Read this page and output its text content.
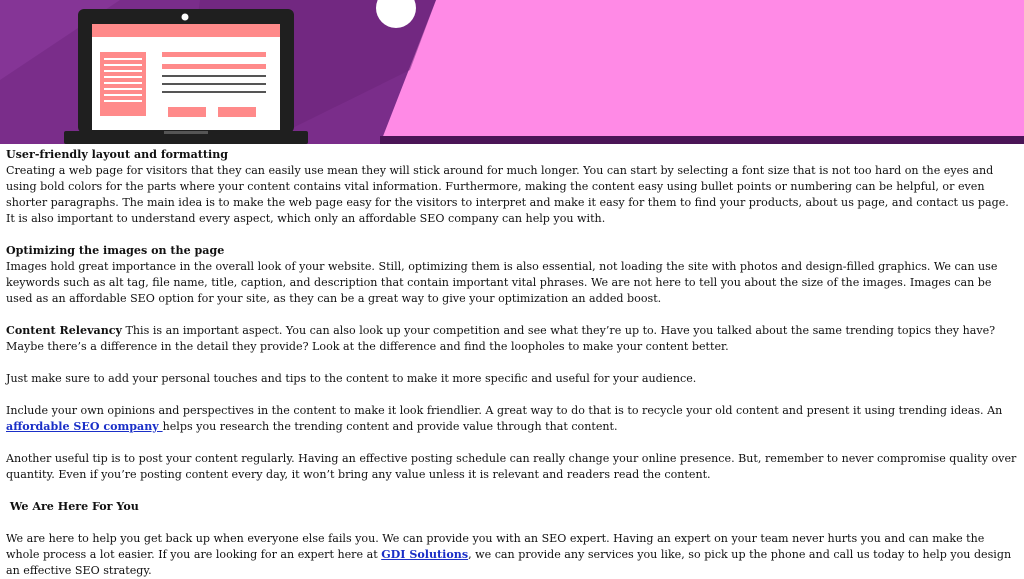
User-friendly layout and formatting

Creating a web page for visitors that they can easily use mean they will stick around for much longer. You can start by selecting a font size that is not too hard on the eyes and using bold colors for the parts where your content contains vital information. Furthermore, making the content easy using bullet points or numbering can be helpful, or even shorter paragraphs. The main idea is to make the web page easy for the visitors to interpret and make it easy for them to find your products, about us page, and contact us page. It is also important to understand every aspect, which only an affordable SEO company can help you with.

Optimizing the images on the page

Images hold great importance in the overall look of your website. Still, optimizing them is also essential, not loading the site with photos and design-filled graphics. We can use keywords such as alt tag, file name, title, caption, and description that contain important vital phrases. We are not here to tell you about the size of the images. Images can be used as an affordable SEO option for your site, as they can be a great way to give your optimization an added boost.

Content Relevancy This is an important aspect. You can also look up your competition and see what they’re up to. Have you talked about the same trending topics they have? Maybe there’s a difference in the detail they provide? Look at the difference and find the loopholes to make your content better.

Just make sure to add your personal touches and tips to the content to make it more specific and useful for your audience.

Include your own opinions and perspectives in the content to make it look friendlier. A great way to do that is to recycle your old content and present it using trending ideas. An affordable SEO company helps you research the trending content and provide value through that content.

Another useful tip is to post your content regularly. Having an effective posting schedule can really change your online presence. But, remember to never compromise quality over quantity. Even if you’re posting content every day, it won’t bring any value unless it is relevant and readers read the content.

We Are Here For You

We are here to help you get back up when everyone else fails you. We can provide you with an SEO expert. Having an expert on your team never hurts you and can make the whole process a lot easier. If you are looking for an expert here at GDI Solutions, we can provide any services you like, so pick up the phone and call us today to help you design an effective SEO strategy.
